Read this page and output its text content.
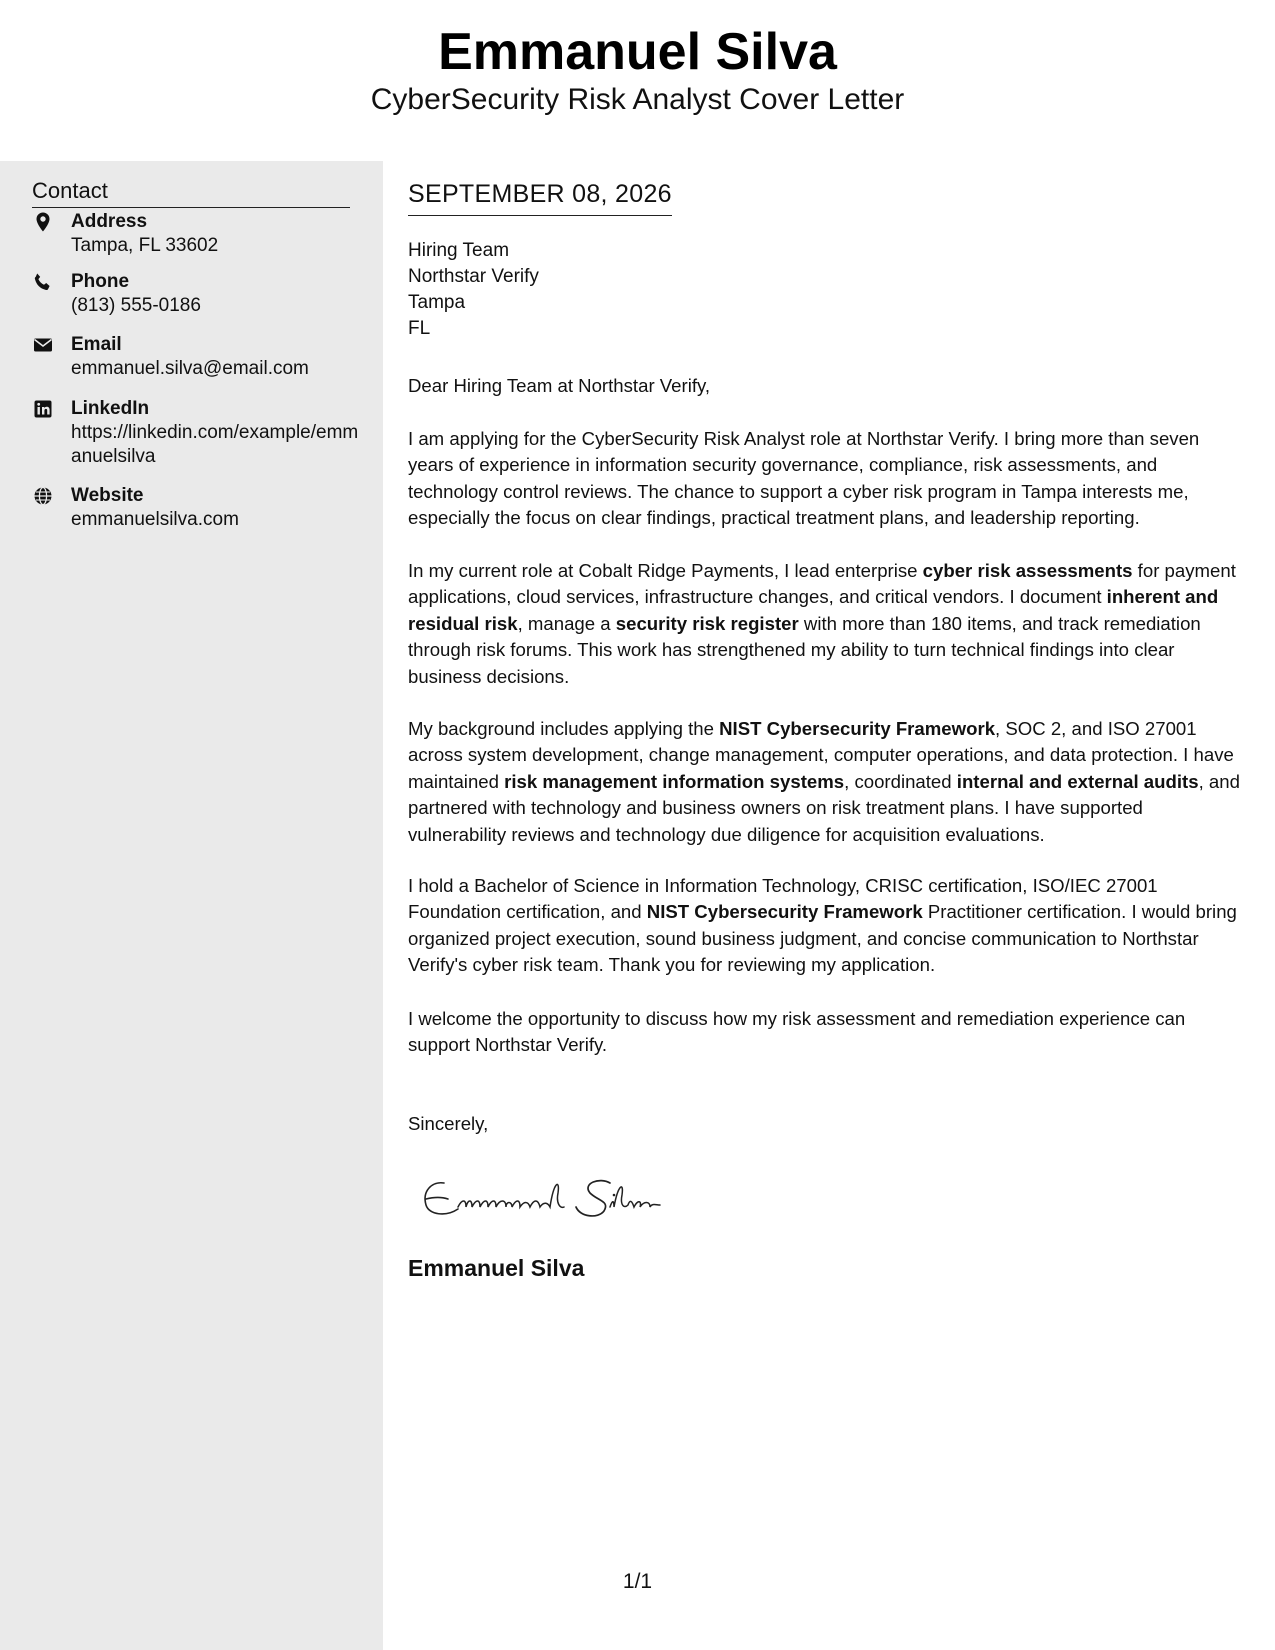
Emmanuel Silva
CyberSecurity Risk Analyst Cover Letter
Contact
Address
Tampa, FL 33602
Phone
(813) 555-0186
Email
emmanuel.silva@email.com
LinkedIn
https://linkedin.com/example/emmanuelsilva
Website
emmanuelsilva.com
SEPTEMBER 08, 2026
Hiring Team
Northstar Verify
Tampa
FL

Dear Hiring Team at Northstar Verify,

I am applying for the CyberSecurity Risk Analyst role at Northstar Verify. I bring more than seven years of experience in information security governance, compliance, risk assessments, and technology control reviews. The chance to support a cyber risk program in Tampa interests me, especially the focus on clear findings, practical treatment plans, and leadership reporting.

In my current role at Cobalt Ridge Payments, I lead enterprise cyber risk assessments for payment applications, cloud services, infrastructure changes, and critical vendors. I document inherent and residual risk, manage a security risk register with more than 180 items, and track remediation through risk forums. This work has strengthened my ability to turn technical findings into clear business decisions.

My background includes applying the NIST Cybersecurity Framework, SOC 2, and ISO 27001 across system development, change management, computer operations, and data protection. I have maintained risk management information systems, coordinated internal and external audits, and partnered with technology and business owners on risk treatment plans. I have supported vulnerability reviews and technology due diligence for acquisition evaluations.

I hold a Bachelor of Science in Information Technology, CRISC certification, ISO/IEC 27001 Foundation certification, and NIST Cybersecurity Framework Practitioner certification. I would bring organized project execution, sound business judgment, and concise communication to Northstar Verify's cyber risk team. Thank you for reviewing my application.

I welcome the opportunity to discuss how my risk assessment and remediation experience can support Northstar Verify.

Sincerely,

Emmanuel Silva
1/1
